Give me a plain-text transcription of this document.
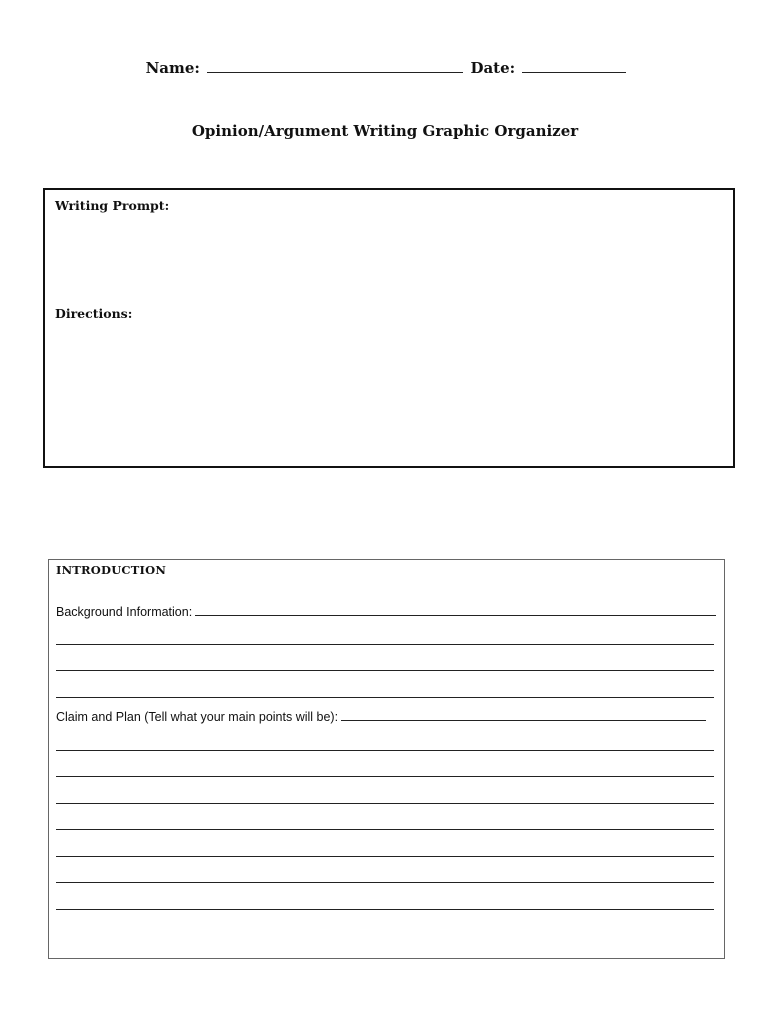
Name:	Date:
Opinion/Argument Writing Graphic Organizer
Writing Prompt:
Directions:
INTRODUCTION
Background Information:
Claim and Plan (Tell what your main points will be):
